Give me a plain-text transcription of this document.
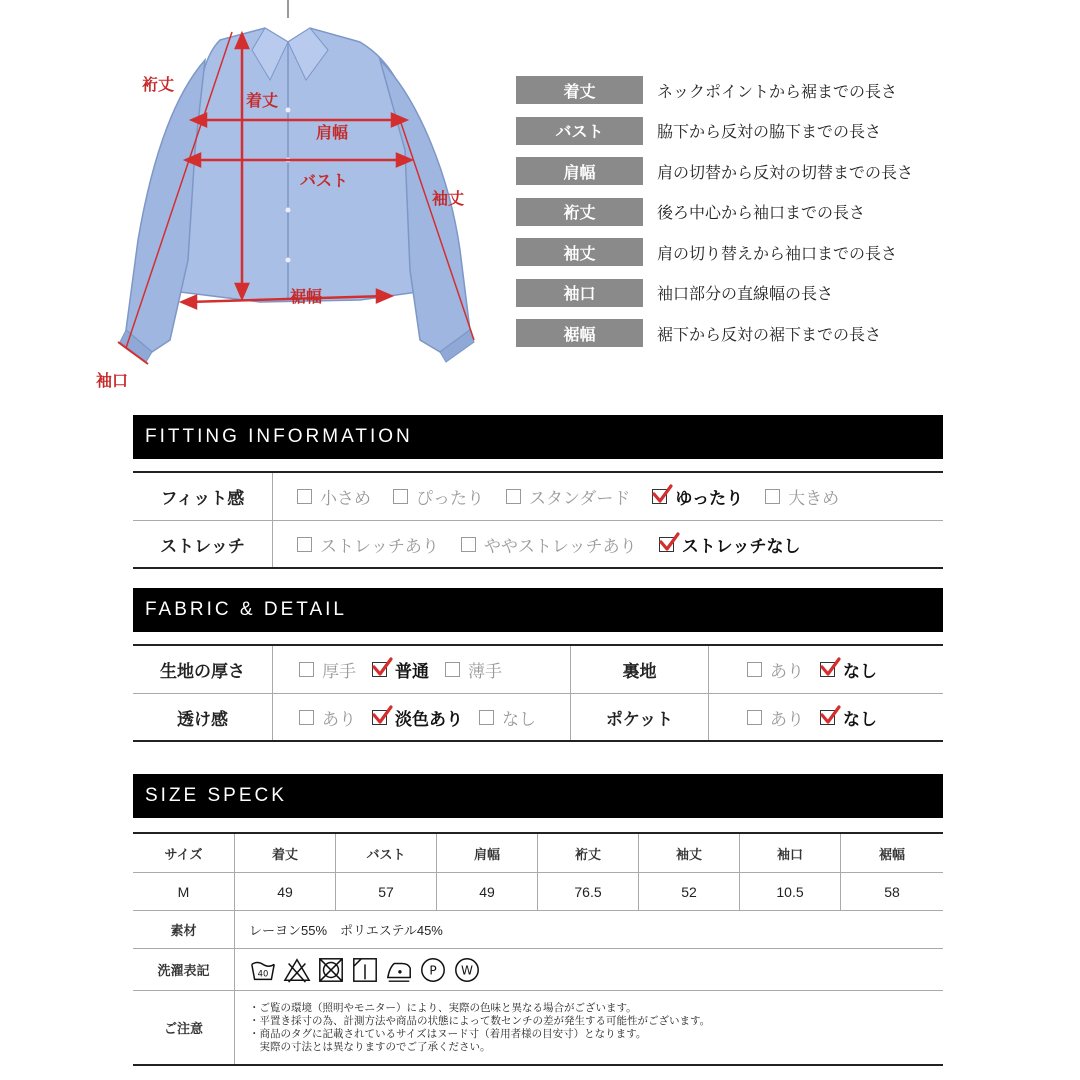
裄丈
着丈
肩幅
バスト
袖丈
裾幅
袖口
着丈	ネックポイントから裾までの長さ
バスト	脇下から反対の脇下までの長さ
肩幅	肩の切替から反対の切替までの長さ
裄丈	後ろ中心から袖口までの長さ
袖丈	肩の切り替えから袖口までの長さ
袖口	袖口部分の直線幅の長さ
裾幅	裾下から反対の裾下までの長さ
FITTING INFORMATION
フィット感	小さめ	ぴったり	スタンダード	ゆったり	大きめ
ストレッチ	ストレッチあり	ややストレッチあり	ストレッチなし
FABRIC & DETAIL
生地の厚さ	厚手 普通 薄手	裏地	あり なし
透け感	あり 淡色あり なし	ポケット	あり なし
SIZE SPECK
サイズ	着丈	バスト	肩幅	裄丈	袖丈	袖口	裾幅
M	49	57	49	76.5	52	10.5	58
素材	レーヨン55%　ポリエステル45%
洗濯表記	40	P W
ご注意
・ご覧の環境（照明やモニター）により、実際の色味と異なる場合がございます。
・平置き採寸の為、計測方法や商品の状態によって数センチの差が発生する可能性がございます。
・商品のタグに記載されているサイズはヌード寸（着用者様の目安寸）となります。
　実際の寸法とは異なりますのでご了承ください。
